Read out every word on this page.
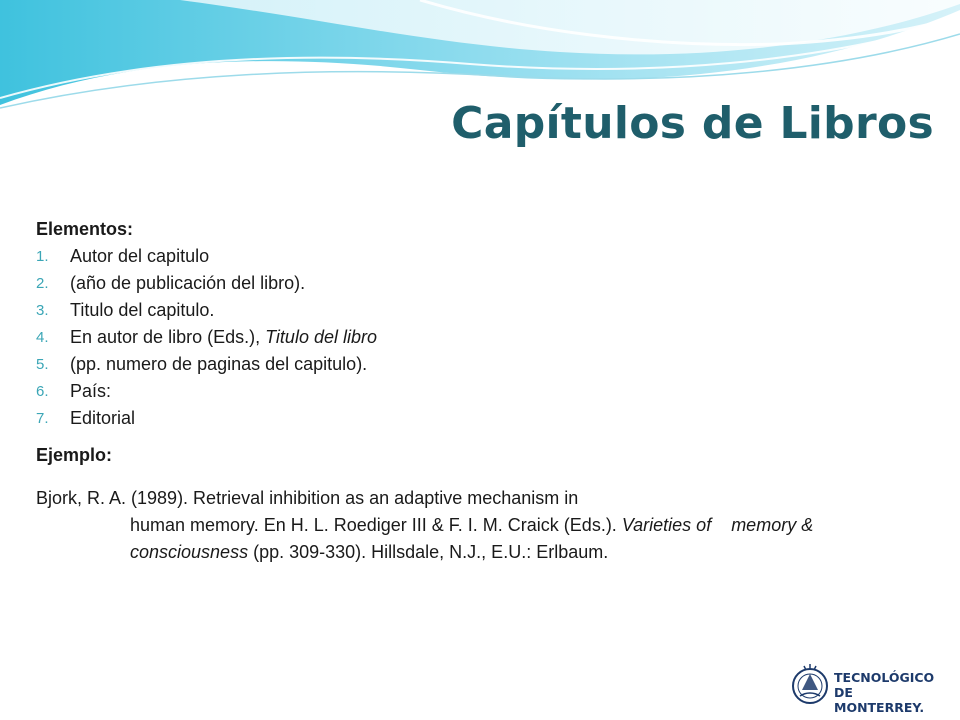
Capítulos de Libros

Elementos:

1.	Autor del capitulo
2.	(año de publicación del libro).
3.	Titulo del capitulo.
4.	En autor de libro (Eds.), Titulo del libro
5.	(pp. numero de paginas del capitulo).
6.	País:
7.	Editorial

Ejemplo:

Bjork, R. A. (1989). Retrieval inhibition as an adaptive mechanism in
human memory. En H. L. Roediger III & F. I. M. Craick (Eds.). Varieties of    memory &
consciousness (pp. 309-330). Hillsdale, N.J., E.U.: Erlbaum.
TECNOLÓGICO
DE MONTERREY.
